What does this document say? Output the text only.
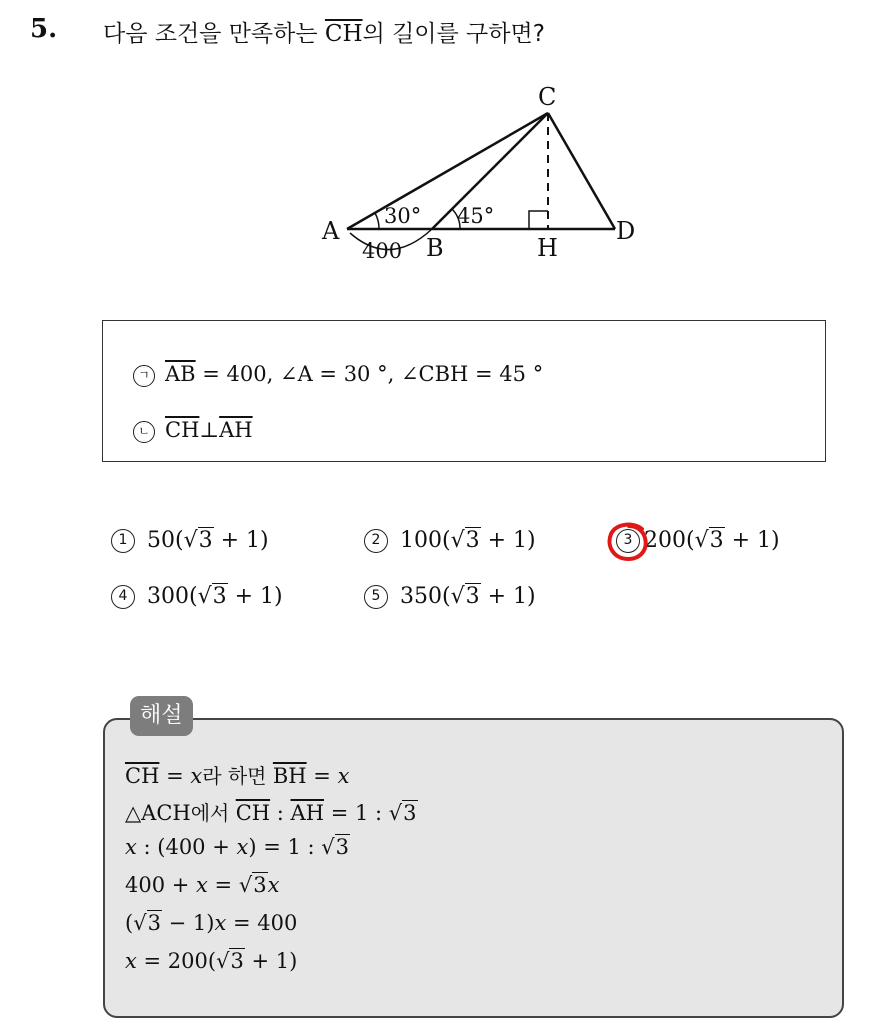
5. 다음 조건을 만족하는 $\overline{CH}$의 길이를 구하면?
C
A
B	H
D
30° 45°
400
ㄱ $\overline{AB} = 400$, ∠A = 30 °, ∠CBH = 45 °
ㄴ $\overline{CH}\perp\overline{AH}$
1 50(√3 + 1)	2 100(√3 + 1)	3 200(√3 + 1)
4 300(√3 + 1)	5 350(√3 + 1)
해설
$\overline{CH} = x$라 하면 $\overline{BH} = x$
△ACH에서 $\overline{CH}$ : $\overline{AH} = 1$ : √3
x : (400 + x) = 1 : √3
400 + x = √3x
(√3 − 1)x = 400
x = 200(√3 + 1)
